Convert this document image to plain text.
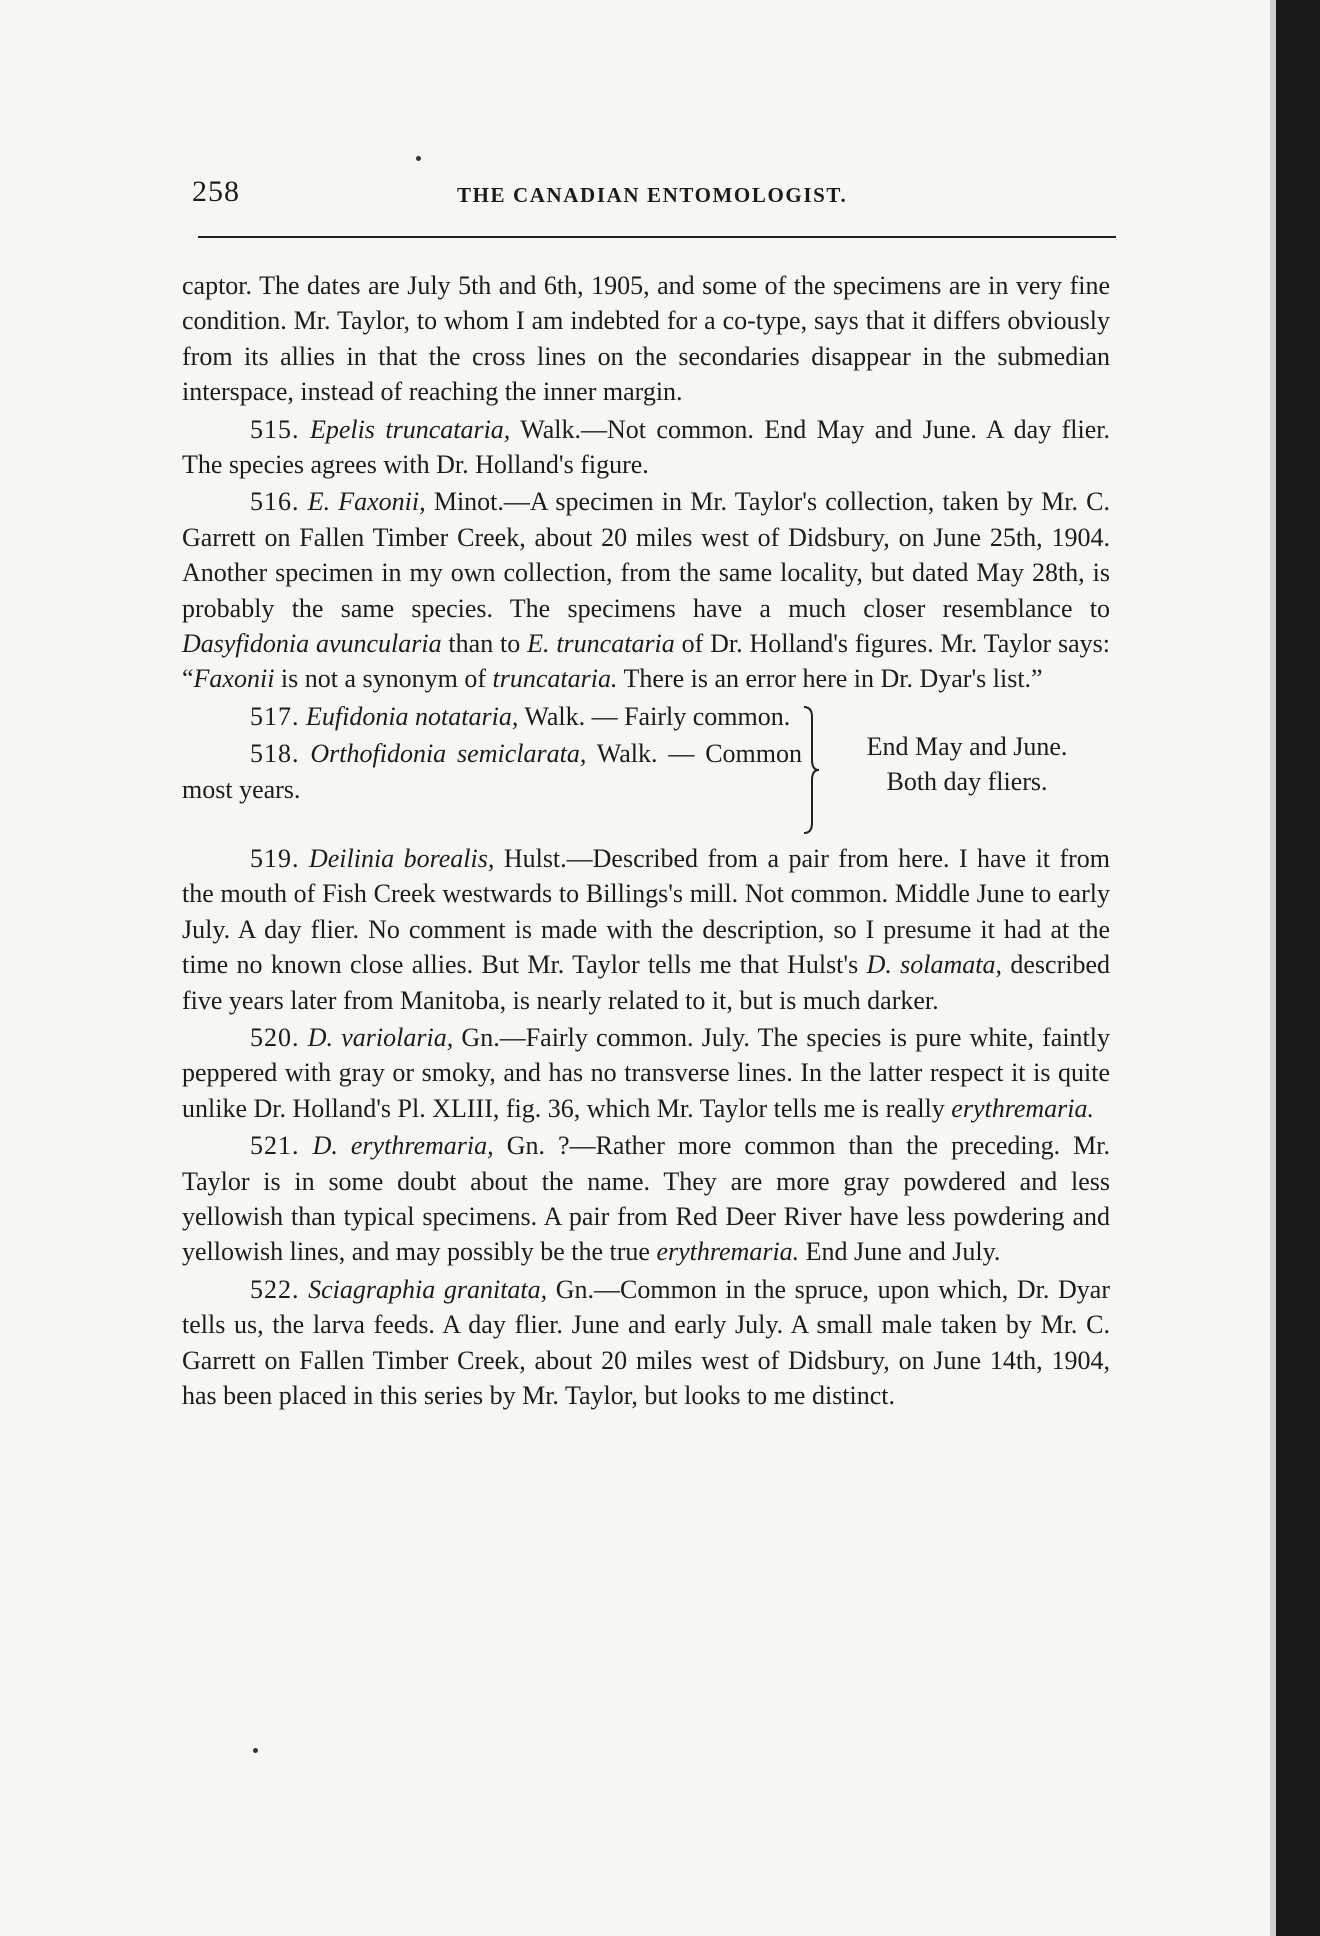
258	THE CANADIAN ENTOMOLOGIST.

captor. The dates are July 5th and 6th, 1905, and some of the specimens are in very fine condition. Mr. Taylor, to whom I am indebted for a co-type, says that it differs obviously from its allies in that the cross lines on the secondaries disappear in the submedian interspace, instead of reaching the inner margin.

515. Epelis truncataria, Walk.—Not common. End May and June. A day flier. The species agrees with Dr. Holland's figure.

516. E. Faxonii, Minot.—A specimen in Mr. Taylor's collection, taken by Mr. C. Garrett on Fallen Timber Creek, about 20 miles west of Didsbury, on June 25th, 1904. Another specimen in my own collection, from the same locality, but dated May 28th, is probably the same species. The specimens have a much closer resemblance to Dasyfidonia avuncularia than to E. truncataria of Dr. Holland's figures. Mr. Taylor says: “Faxonii is not a synonym of truncataria. There is an error here in Dr. Dyar's list.”

517. Eufidonia notataria, Walk. — Fairly common.

518. Orthofidonia semiclarata, Walk. — Common most years.

End May and June.
Both day fliers.

519. Deilinia borealis, Hulst.—Described from a pair from here. I have it from the mouth of Fish Creek westwards to Billings's mill. Not common. Middle June to early July. A day flier. No comment is made with the description, so I presume it had at the time no known close allies. But Mr. Taylor tells me that Hulst's D. solamata, described five years later from Manitoba, is nearly related to it, but is much darker.

520. D. variolaria, Gn.—Fairly common. July. The species is pure white, faintly peppered with gray or smoky, and has no transverse lines. In the latter respect it is quite unlike Dr. Holland's Pl. XLIII, fig. 36, which Mr. Taylor tells me is really erythremaria.

521. D. erythremaria, Gn. ?—Rather more common than the preceding. Mr. Taylor is in some doubt about the name. They are more gray powdered and less yellowish than typical specimens. A pair from Red Deer River have less powdering and yellowish lines, and may possibly be the true erythremaria. End June and July.

522. Sciagraphia granitata, Gn.—Common in the spruce, upon which, Dr. Dyar tells us, the larva feeds. A day flier. June and early July. A small male taken by Mr. C. Garrett on Fallen Timber Creek, about 20 miles west of Didsbury, on June 14th, 1904, has been placed in this series by Mr. Taylor, but looks to me distinct.
